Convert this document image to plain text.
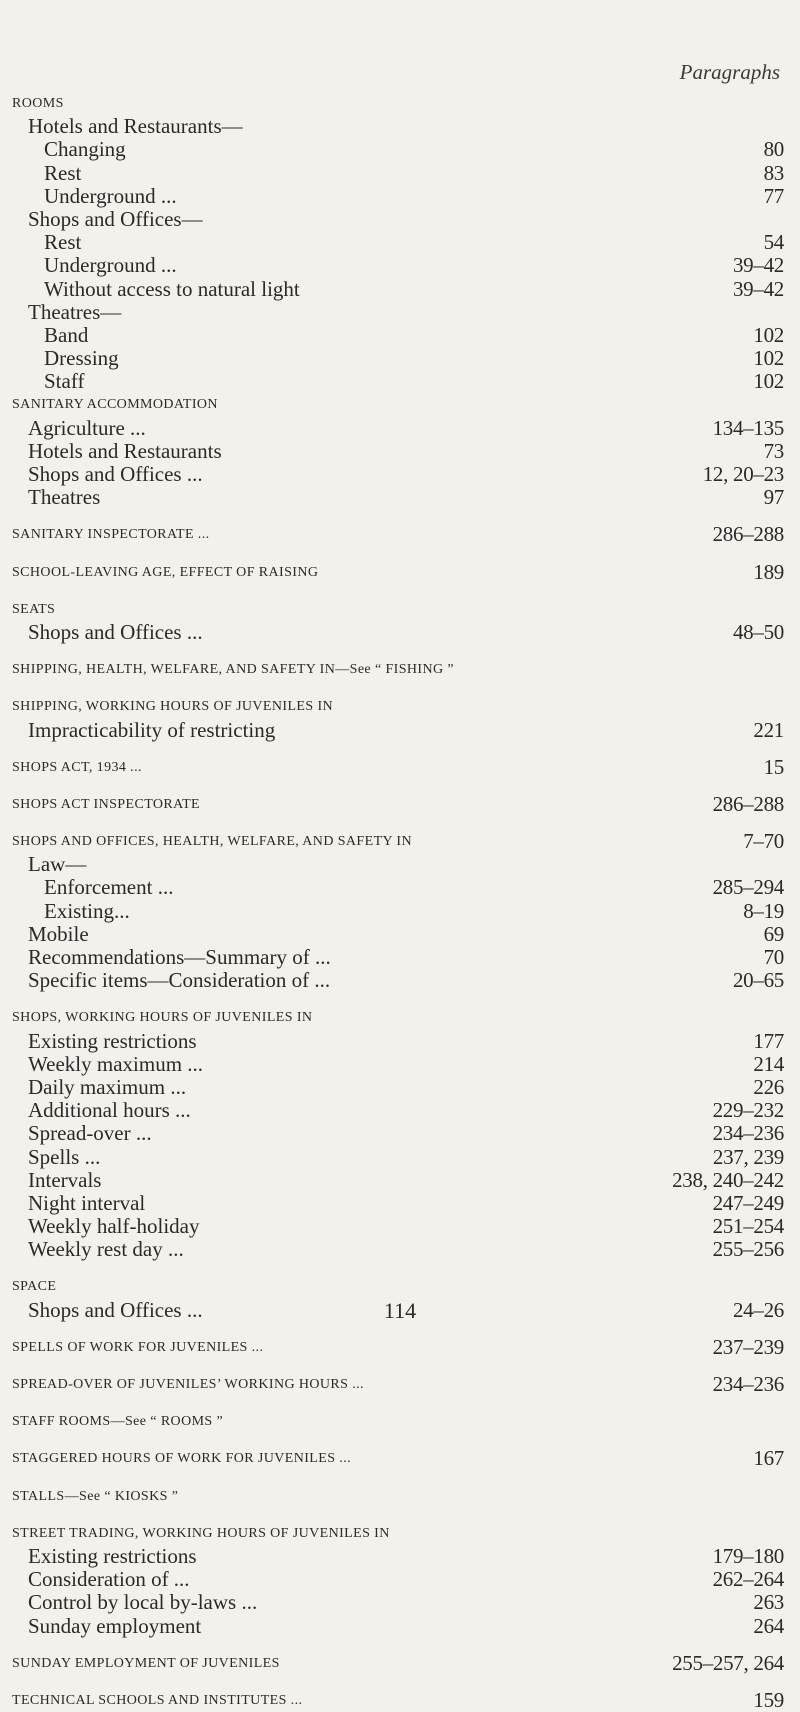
Paragraphs
ROOMS
Hotels and Restaurants—
Changing	80
Rest	83
Underground ...	77
Shops and Offices—
Rest	54
Underground ...	39–42
Without access to natural light	39–42
Theatres—
Band	102
Dressing	102
Staff	102
SANITARY ACCOMMODATION
Agriculture ...	134–135
Hotels and Restaurants	73
Shops and Offices ...	12, 20–23
Theatres	97
SANITARY INSPECTORATE ...	286–288
SCHOOL-LEAVING AGE, EFFECT OF RAISING	189
SEATS
Shops and Offices ...	48–50
SHIPPING, HEALTH, WELFARE, AND SAFETY IN—See “ FISHING ”
SHIPPING, WORKING HOURS OF JUVENILES IN
Impracticability of restricting	221
SHOPS ACT, 1934 ...	15
SHOPS ACT INSPECTORATE	286–288
SHOPS AND OFFICES, HEALTH, WELFARE, AND SAFETY IN	7–70
Law—
Enforcement ...	285–294
Existing...	8–19
Mobile	69
Recommendations—Summary of ...	70
Specific items—Consideration of ...	20–65
SHOPS, WORKING HOURS OF JUVENILES IN
Existing restrictions	177
Weekly maximum ...	214
Daily maximum ...	226
Additional hours ...	229–232
Spread-over ...	234–236
Spells ...	237, 239
Intervals	238, 240–242
Night interval	247–249
Weekly half-holiday	251–254
Weekly rest day ...	255–256
SPACE
Shops and Offices ...	24–26
SPELLS OF WORK FOR JUVENILES ...	237–239
SPREAD-OVER OF JUVENILES’ WORKING HOURS ...	234–236
STAFF ROOMS—See “ ROOMS ”
STAGGERED HOURS OF WORK FOR JUVENILES ...	167
STALLS—See “ KIOSKS ”
STREET TRADING, WORKING HOURS OF JUVENILES IN
Existing restrictions	179–180
Consideration of ...	262–264
Control by local by-laws ...	263
Sunday employment	264
SUNDAY EMPLOYMENT OF JUVENILES	255–257, 264
TECHNICAL SCHOOLS AND INSTITUTES ...	159
114
